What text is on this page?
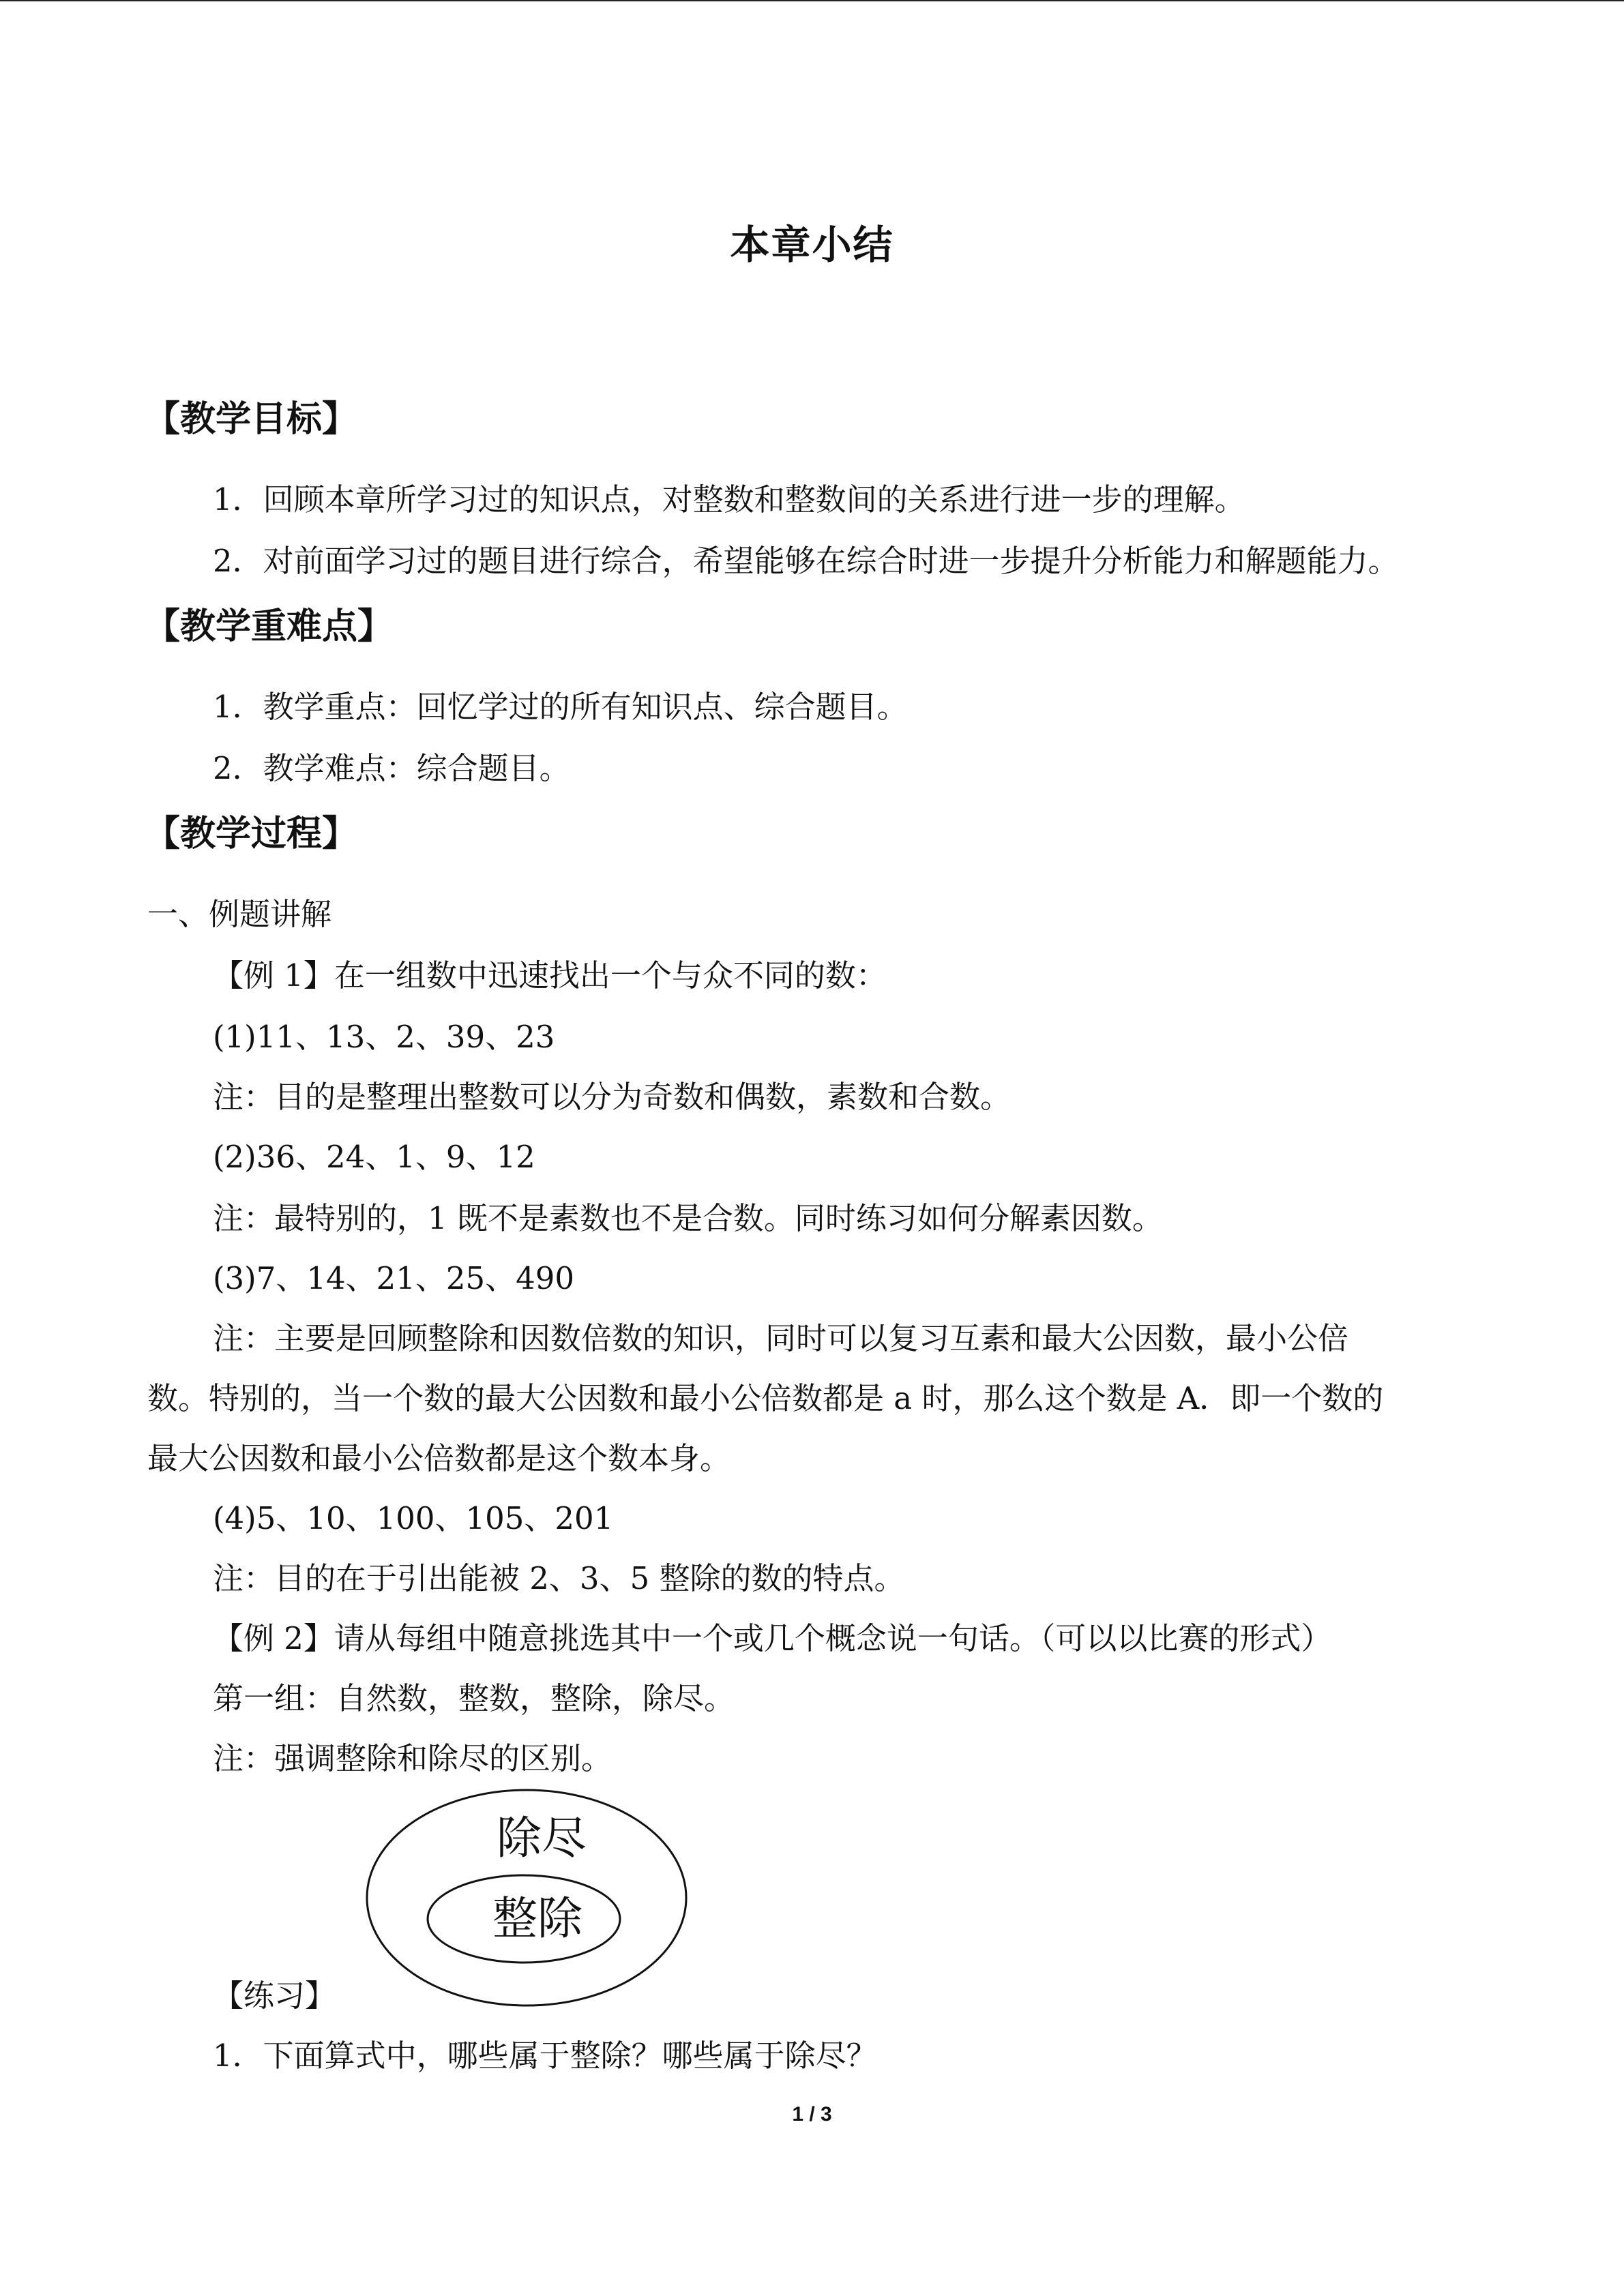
本章小结
【教学目标】
1．回顾本章所学习过的知识点，对整数和整数间的关系进行进一步的理解。
2．对前面学习过的题目进行综合，希望能够在综合时进一步提升分析能力和解题能力。
【教学重难点】
1．教学重点：回忆学过的所有知识点、综合题目。
2．教学难点：综合题目。
【教学过程】
一、例题讲解
【例 1】在一组数中迅速找出一个与众不同的数：
(1)11、13、2、39、23
注：目的是整理出整数可以分为奇数和偶数，素数和合数。
(2)36、24、1、9、12
注：最特别的，1 既不是素数也不是合数。同时练习如何分解素因数。
(3)7、14、21、25、490
注：主要是回顾整除和因数倍数的知识，同时可以复习互素和最大公因数，最小公倍
数。特别的，当一个数的最大公因数和最小公倍数都是 a 时，那么这个数是 A．即一个数的
最大公因数和最小公倍数都是这个数本身。
(4)5、10、100、105、201
注：目的在于引出能被 2、3、5 整除的数的特点。
【例 2】请从每组中随意挑选其中一个或几个概念说一句话。（可以以比赛的形式）
第一组：自然数，整数，整除，除尽。
注：强调整除和除尽的区别。
除尽
整除
【练习】
1．下面算式中，哪些属于整除？哪些属于除尽？
1 / 3
